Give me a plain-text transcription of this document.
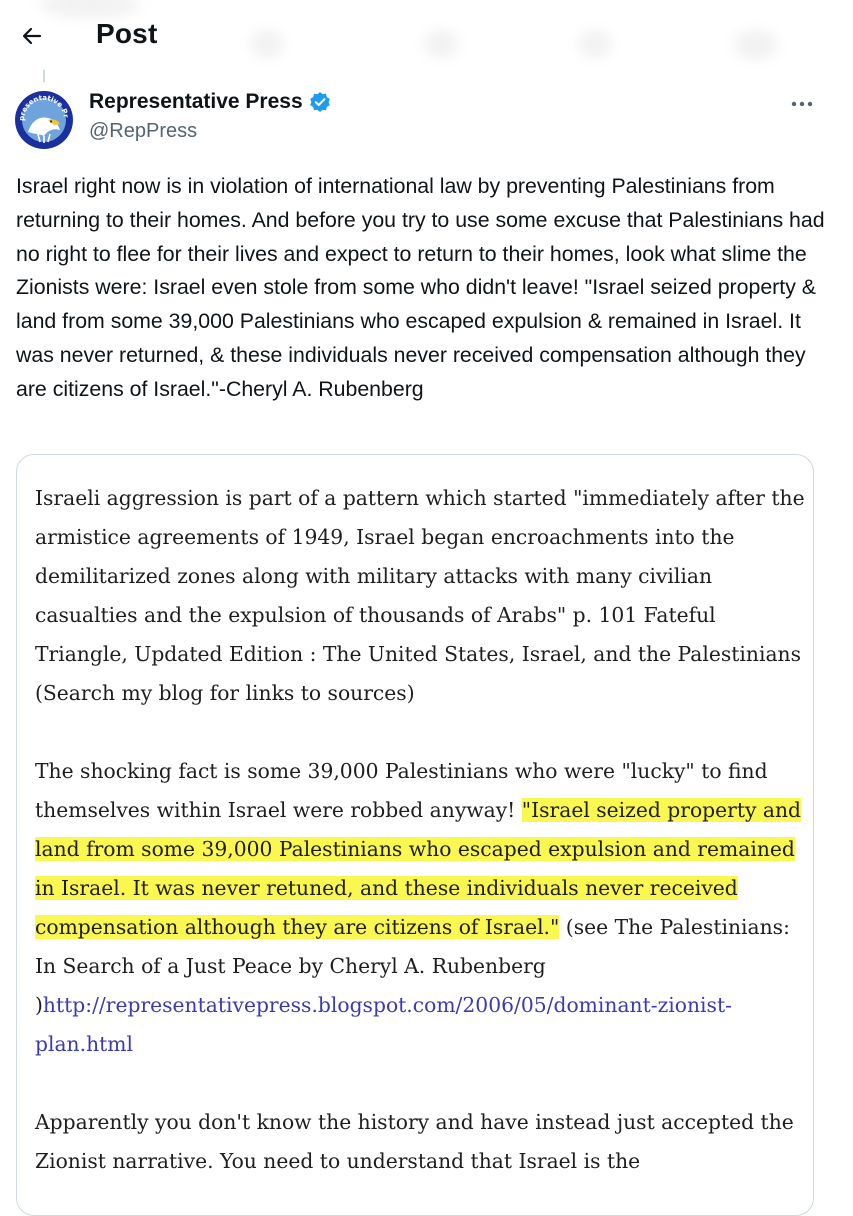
Post
presentative Pr
Representative Press
@RepPress
Israel right now is in violation of international law by preventing Palestinians from returning to their homes. And before you try to use some excuse that Palestinians had no right to flee for their lives and expect to return to their homes, look what slime the Zionists were: Israel even stole from some who didn't leave! "Israel seized property & land from some 39,000 Palestinians who escaped expulsion & remained in Israel. It was never returned, & these individuals never received compensation although they are citizens of Israel."-Cheryl A. Rubenberg

Israeli aggression is part of a pattern which started "immediately after the armistice agreements of 1949, Israel began encroachments into the demilitarized zones along with military attacks with many civilian casualties and the expulsion of thousands of Arabs" p. 101 Fateful Triangle, Updated Edition : The United States, Israel, and the Palestinians (Search my blog for links to sources)

The shocking fact is some 39,000 Palestinians who were "lucky" to find themselves within Israel were robbed anyway! "Israel seized property and land from some 39,000 Palestinians who escaped expulsion and remained in Israel. It was never retuned, and these individuals never received compensation although they are citizens of Israel." (see The Palestinians: In Search of a Just Peace by Cheryl A. Rubenberg )http://representativepress.blogspot.com/2006/05/dominant-zionist-plan.html

Apparently you don't know the history and have instead just accepted the Zionist narrative. You need to understand that Israel is the
